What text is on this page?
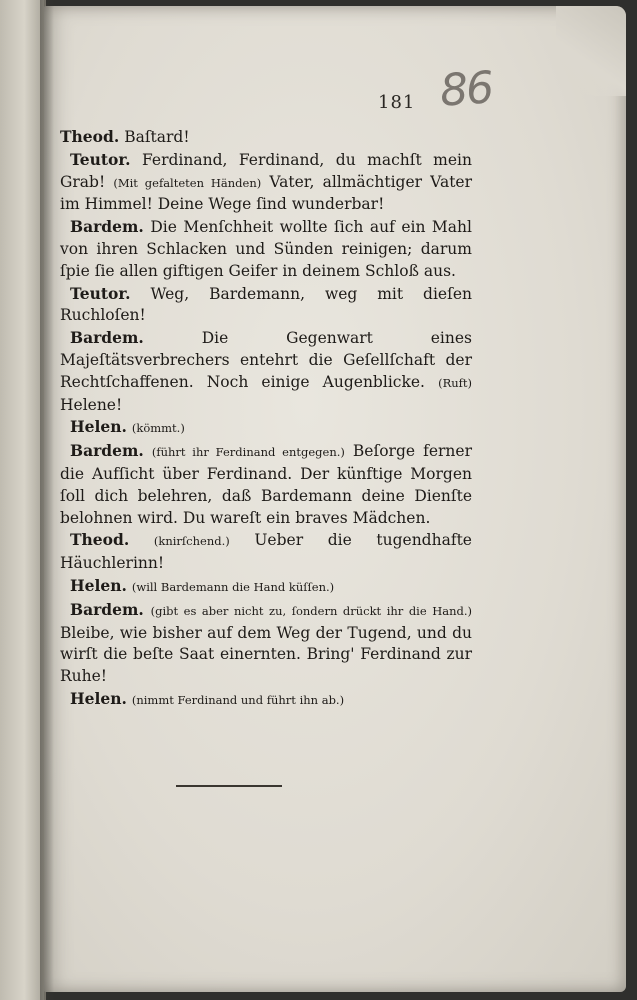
181 86

Theod. Baſtard!

Teutor. Ferdinand, Ferdinand, du machſt mein Grab! (Mit gefalteten Händen) Vater, allmächtiger Vater im Himmel! Deine Wege ſind wunderbar!

Bardem. Die Menſchheit wollte ſich auf ein Mahl von ihren Schlacken und Sünden reinigen; darum ſpie ſie allen giftigen Geifer in deinem Schloß aus.

Teutor. Weg, Bardemann, weg mit dieſen Ruchloſen!

Bardem.	Die Gegenwart eines Majeſtätsverbrechers entehrt die Geſellſchaft der Rechtſchaffenen. Noch einige Augenblicke. (Ruft) Helene!

Helen. (kömmt.)

Bardem. (führt ihr Ferdinand entgegen.) Beſorge ferner die Aufſicht über Ferdinand. Der künftige Morgen ſoll dich belehren, daß Bardemann deine Dienſte belohnen wird. Du wareſt ein braves Mädchen.

Theod. (knirſchend.) Ueber die tugendhafte Häuchlerinn!

Helen. (will Bardemann die Hand küſſen.)

Bardem. (gibt es aber nicht zu, ſondern drückt ihr die Hand.) Bleibe, wie bisher auf dem Weg der Tugend, und du wirſt die beſte Saat einernten. Bring' Ferdinand zur Ruhe!

Helen. (nimmt Ferdinand und führt ihn ab.)
